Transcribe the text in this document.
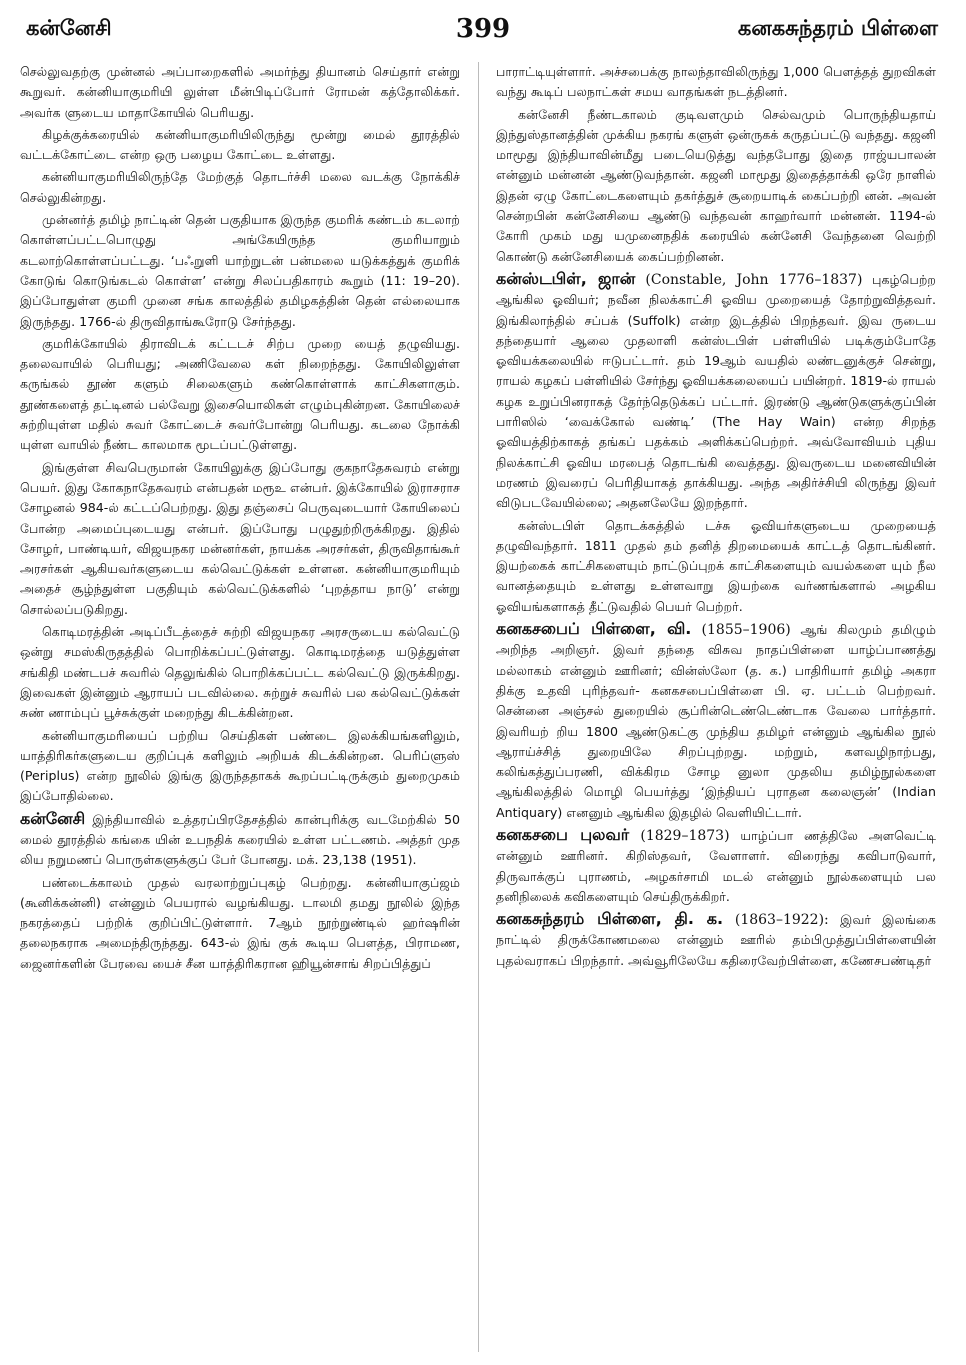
கன்னேசி	399	கனகசுந்தரம் பிள்ளை

செல்லுவதற்கு முன்னல் அப்பாறைகளில் அமர்ந்து தியானம் செய்தார் என்று கூறுவர். கன்னியாகுமரியி லுள்ள மீன்பிடிப்போர் ரோமன் கத்தோலிக்கர். அவர்க ளுடைய மாதாகோயில் பெரியது.

கிழக்குக்கரையில் கன்னியாகுமரியிலிருந்து மூன்று மைல் தூரத்தில் வட்டக்கோட்டை என்ற ஒரு பழைய கோட்டை உள்ளது.

கன்னியாகுமரியிலிருந்தே மேற்குத் தொடர்ச்சி மலை வடக்கு நோக்கிச் செல்லுகின்றது.

முன்னர்த் தமிழ் நாட்டின் தென் பகுதியாக இருந்த குமரிக் கண்டம் கடலாற் கொள்ளப்பட்டபொழுது அங்கேயிருந்த குமரியாறும் கடலாற்கொள்ளப்பட்டது. ‘பஃறுளி யாற்றுடன் பன்மலை யடுக்கத்துக் குமரிக் கோடுங் கொடுங்கடல் கொள்ள’ என்று சிலப்பதிகாரம் கூறும் (11: 19–20). இப்போதுள்ள குமரி முனை சங்க காலத்தில் தமிழகத்தின் தென் எல்லையாக இருந்தது. 1766-ல் திருவிதாங்கூரோடு சேர்ந்தது.

குமரிக்கோயில் திராவிடக் கட்டடச் சிற்ப முறை யைத் தழுவியது. தலைவாயில் பெரியது; அணிவேலை கள் நிறைந்தது. கோயிலிலுள்ள கருங்கல் தூண் களும் சிலைகளும் கண்கொள்ளாக் காட்சிகளாகும். தூண்களைத் தட்டினல் பல்வேறு இசையொலிகள் எழும்புகின்றன. கோயிலைச் சுற்றியுள்ள மதில் சுவர் கோட்டைச் சுவர்போன்று பெரியது. கடலை நோக்கி யுள்ள வாயில் நீண்ட காலமாக மூடப்பட்டுள்ளது.

இங்குள்ள சிவபெருமான் கோயிலுக்கு இப்போது குகநாதேசுவரம் என்று பெயர். இது கோகநாதேசுவரம் என்பதன் மரூஉ என்பர். இக்கோயில் இராசராச சோழனல் 984-ல் கட்டப்பெற்றது. இது தஞ்சைப் பெருவுடையார் கோயிலைப் போன்ற அமைப்புடையது என்பர். இப்போது பழுதுற்றிருக்கிறது. இதில் சோழர், பாண்டியர், விஜயநகர மன்னர்கள், நாயக்க அரசர்கள், திருவிதாங்கூர் அரசர்கள் ஆகியவர்களுடைய கல்வெட்டுக்கள் உள்ளன. கன்னியாகுமரியும் அதைச் சூழ்ந்துள்ள பகுதியும் கல்வெட்டுக்களில் ‘புறத்தாய நாடு’ என்று சொல்லப்படுகிறது.

கொடிமரத்தின் அடிப்பீடத்தைச் சுற்றி விஜயநகர அரசருடைய கல்வெட்டு ஒன்று சமஸ்கிருதத்தில் பொறிக்கப்பட்டுள்ளது. கொடிமரத்தை யடுத்துள்ள சங்கிதி மண்டபச் சுவரில் தெலுங்கில் பொறிக்கப்பட்ட கல்வெட்டு இருக்கிறது. இவைகள் இன்னும் ஆராயப் படவில்லை. சுற்றுச் சுவரில் பல கல்வெட்டுக்கள் சுண் ணாம்புப் பூச்சுக்குள் மறைந்து கிடக்கின்றன.

கன்னியாகுமரியைப் பற்றிய செய்திகள் பண்டை இலக்கியங்களிலும், யாத்திரிகர்களுடைய குறிப்புக் களிலும் அறியக் கிடக்கின்றன. பெரிப்ளுஸ் (Periplus) என்ற நூலில் இங்கு இருந்ததாகக் கூறப்பட்டிருக்கும் துறைமுகம் இப்போதில்லை.

கன்னேசி இந்தியாவில் உத்தரப்பிரதேசத்தில் கான்புரிக்கு வடமேற்கில் 50 மைல் தூரத்தில் கங்கை யின் உபநதிக் கரையில் உள்ள பட்டணம். அத்தர் முத லிய நறுமணப் பொருள்களுக்குப் பேர் போனது. மக். 23,138 (1951).

பண்டைக்காலம் முதல் வரலாற்றுப்புகழ் பெற்றது. கன்னியாகுப்ஜம் (கூனிக்கன்னி) என்னும் பெயரால் வழங்கியது. டாலமி தமது நூலில் இந்த நகரத்தைப் பற்றிக் குறிப்பிட்டுள்ளார். 7ஆம் நூற்றுண்டில் ஹர்ஷரின் தலைநகராக அமைந்திருந்தது. 643-ல் இங் குக் கூடிய பௌத்த, பிராமண, ஜைனர்களின் பேரவை யைச் சீன யாத்திரிகரான ஹியூன்சாங் சிறப்பித்துப்

பாராட்டியுள்ளார். அச்சபைக்கு நாலந்தாவிலிருந்து 1,000 பௌத்தத் துறவிகள் வந்து கூடிப் பலநாட்கள் சமய வாதங்கள் நடத்தினர்.

கன்னேசி நீண்டகாலம் குடிவளமும் செல்வமும் பொருந்தியதாய் இந்துஸ்தானத்தின் முக்கிய நகரங் களுள் ஒன்ருகக் கருதப்பட்டு வந்தது. கஜனி மாமூது இந்தியாவின்மீது படையெடுத்து வந்தபோது இதை ராஜ்யபாலன் என்னும் மன்னன் ஆண்டுவந்தான். கஜனி மாமூது இதைத்தாக்கி ஒரே நாளில் இதன் ஏழு கோட்டைகளையும் தகர்த்துச் சூறையாடிக் கைப்பற்றி னன். அவன் சென்றபின் கன்னேசியை ஆண்டு வந்தவன் காஹர்வார் மன்னன். 1194-ல் கோரி முகம் மது யமுனைநதிக் கரையில் கன்னேசி வேந்தனை வெற்றி கொண்டு கன்னேசியைக் கைப்பற்றினன்.

கன்ஸ்டபிள், ஜான் (Constable, John 1776–1837) புகழ்பெற்ற ஆங்கில ஓவியர்; நவீன நிலக்காட்சி ஓவிய முறையைத் தோற்றுவித்தவர். இங்கிலாந்தில் சப்பக் (Suffolk) என்ற இடத்தில் பிறந்தவர். இவ ருடைய தந்தையார் ஆலை முதலாளி கன்ஸ்டபிள் பள்ளியில் படிக்கும்போதே ஓவியக்கலையில் ஈடுபட்டார். தம் 19ஆம் வயதில் லண்டனுக்குச் சென்று, ராயல் கழகப் பள்ளியில் சேர்ந்து ஓவியக்கலையைப் பயின்றர். 1819-ல் ராயல் கழக உறுப்பினராகத் தேர்ந்தெடுக்கப் பட்டார். இரண்டு ஆண்டுகளுக்குப்பின் பாரிஸில் ‘வைக்கோல் வண்டி’ (The Hay Wain) என்ற சிறந்த ஓவியத்திற்காகத் தங்கப் பதக்கம் அளிக்கப்பெற்றர். அவ்வோவியம் புதிய நிலக்காட்சி ஓவிய மரபைத் தொடங்கி வைத்தது. இவருடைய மனைவியின் மரணம் இவரைப் பெரிதியாகத் தாக்கியது. அந்த அதிர்ச்சியி லிருந்து இவர் விடுபடவேயில்லை; அதனலேயே இறந்தார்.

கன்ஸ்டபிள் தொடக்கத்தில் டச்சு ஓவியர்களுடைய முறையைத் தழுவிவந்தார். 1811 முதல் தம் தனித் திறமையைக் காட்டத் தொடங்கினர். இயற்கைக் காட்சிகளையும் நாட்டுப்புறக் காட்சிகளையும் வயல்களை யும் நீல வானத்தையும் உள்ளது உள்ளவாறு இயற்கை வர்ணங்களால் அழகிய ஓவியங்களாகத் தீட்டுவதில் பெயர் பெற்றர்.

கனகசபைப் பிள்ளை, வி. (1855–1906) ஆங் கிலமும் தமிழும் அறிந்த அறிஞர். இவர் தந்தை விசுவ நாதப்பிள்ளை யாழ்ப்பாணத்து மல்லாகம் என்னும் ஊரினர்; வின்ஸ்லோ (த. க.) பாதிரியார் தமிழ் அகரா திக்கு உதவி புரிந்தவர்- கனகசபைப்பிள்ளை பி. ஏ. பட்டம் பெற்றவர். சென்னை அஞ்சல் துறையில் சூப்ரின்டெண்டெண்டாக வேலை பார்த்தார். இவரியற் றிய 1800 ஆண்டுகட்கு முந்திய தமிழர் என்னும் ஆங்கில நூல் ஆராய்ச்சித் துறையிலே சிறப்புற்றது. மற்றும், களவழிநாற்பது, கலிங்கத்துப்பரணி, விக்கிரம சோழ னுலா முதலிய தமிழ்நூல்களை ஆங்கிலத்தில் மொழி பெயர்த்து ‘இந்தியப் புராதன கலைஞன்’ (Indian Antiquary) எனனும் ஆங்கில இதழில் வெளியிட்டார்.

கனகசபை புலவர் (1829–1873) யாழ்ப்பா ணத்திலே அளவெட்டி என்னும் ஊரினர். கிறிஸ்தவர், வேளாளர். விரைந்து கவிபாடுவார், திருவாக்குப் புராணம், அழகர்சாமி மடல் என்னும் நூல்களையும் பல தனிநிலைக் கவிகளையும் செய்திருக்கிறர்.

கனகசுந்தரம் பிள்ளை, தி. க. (1863–1922): இவர் இலங்கை நாட்டில் திருக்கோணமலை என்னும் ஊரில் தம்பிமுத்துப்பிள்ளையின் புதல்வராகப் பிறந்தார். அவ்வூரிலேயே கதிரைவேற்பிள்ளை, கணேசபண்டிதர்
